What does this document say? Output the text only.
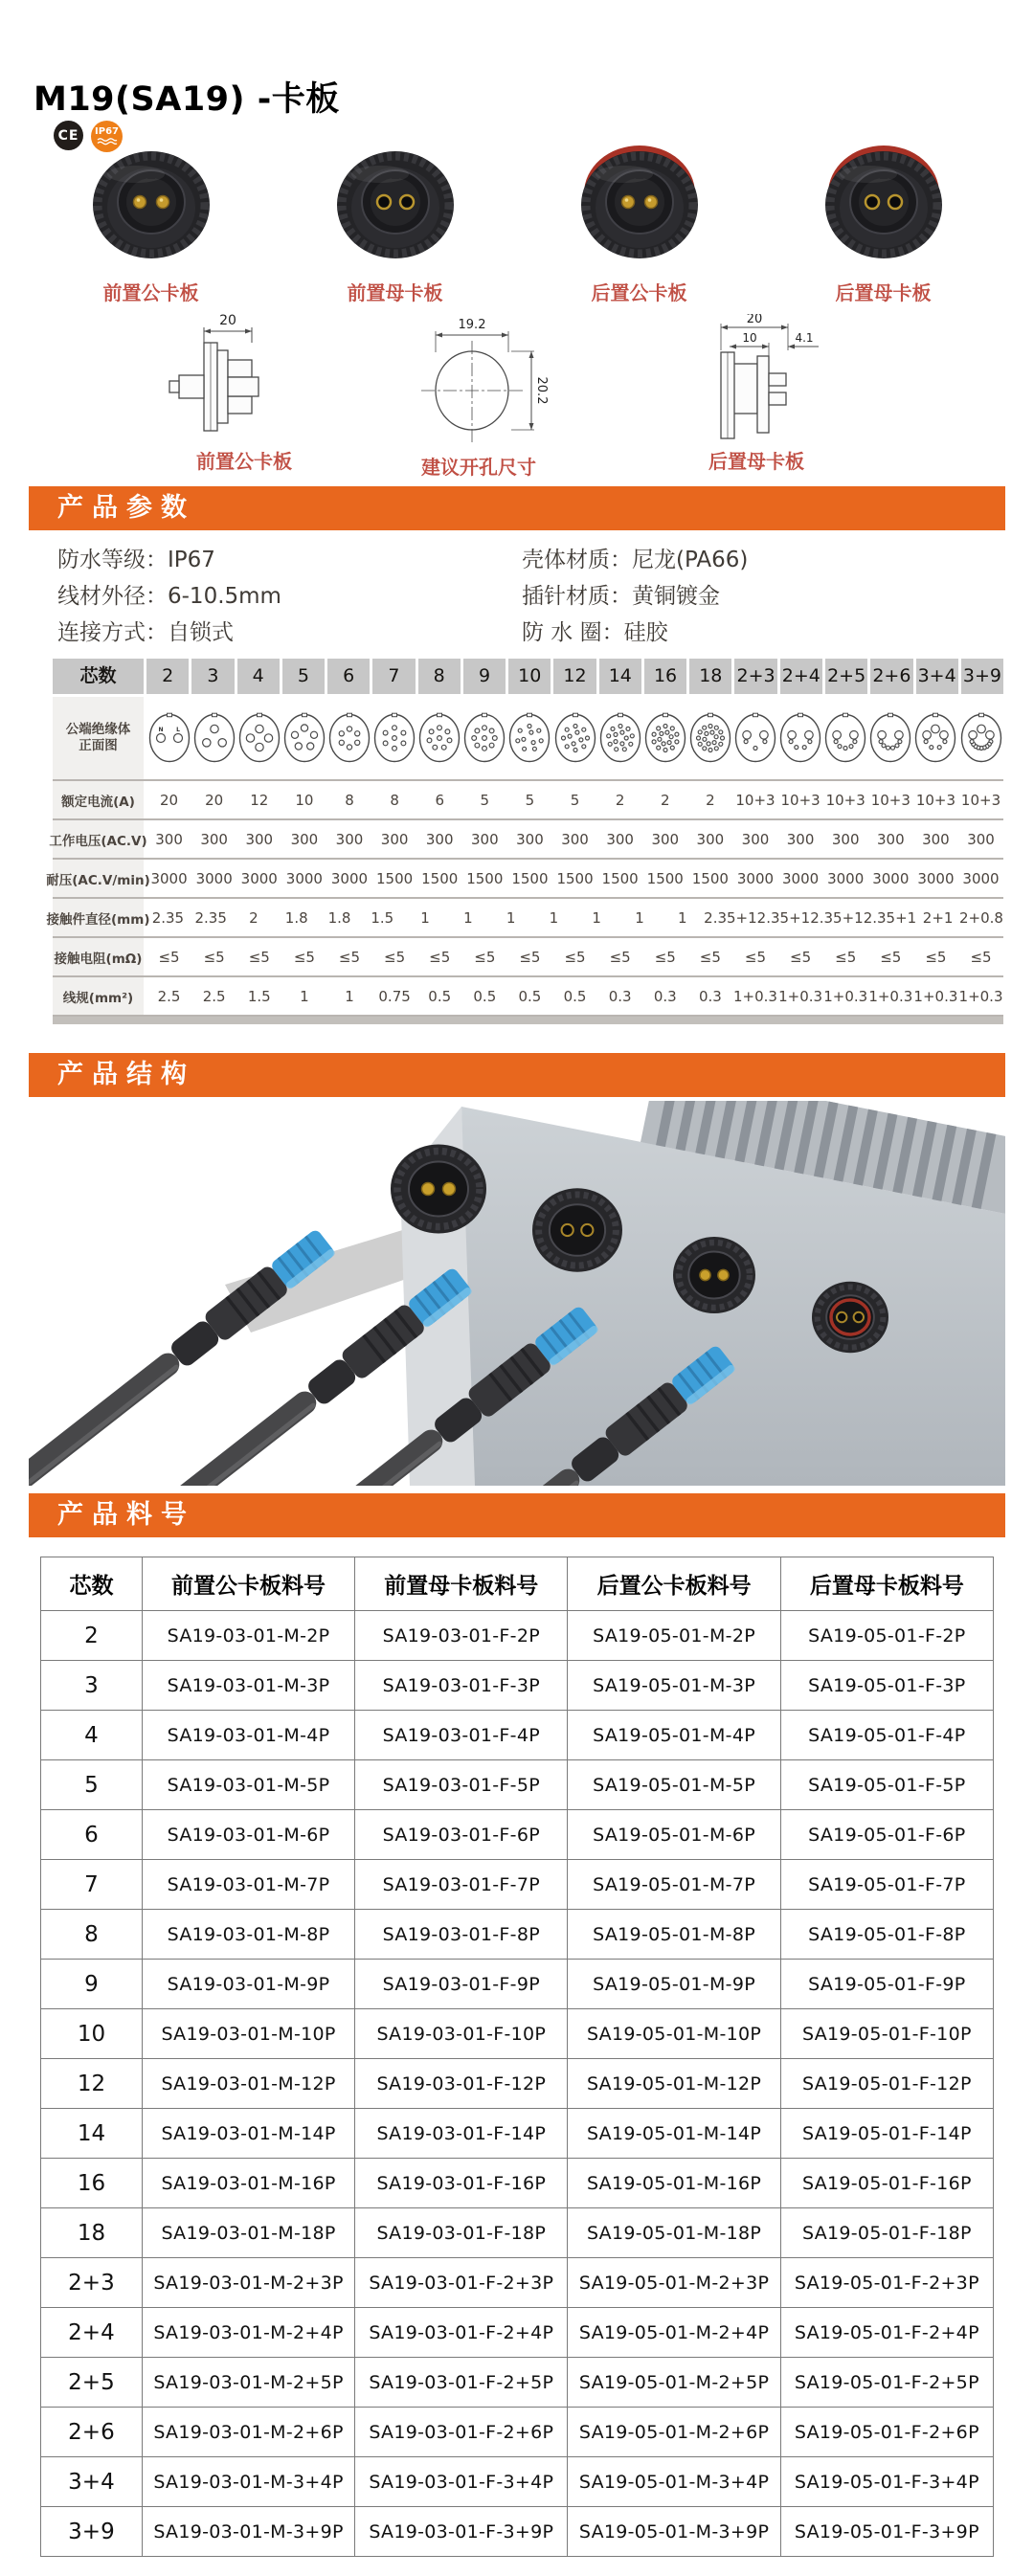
M19(SA19) -卡板
CE	IP67
前置公卡板	前置母卡板	后置公卡板	后置母卡板
20
前置公卡板
19.2
20.2
建议开孔尺寸
20
10	4.1
后置母卡板
产品参数
防水等级：IP67
线材外径：6-10.5mm
连接方式：自锁式
壳体材质：尼龙(PA66)
插针材质：黄铜镀金
防 水 圈：硅胶
芯数	2	3	4	5	6	7	8	9	10	12	14	16	18 2+3 2+4 2+5 2+6 3+4 3+9
公端绝缘体
正面图
N L
额定电流(A)	20	20	12	10	8	8	6	5	5	5	2	2	2	10+3 10+3 10+3 10+3 10+3 10+3
工作电压(AC.V) 300	300	300	300	300	300	300	300	300	300	300	300	300	300	300	300	300	300	300
耐压(AC.V/min) 3000 3000 3000 3000 3000 1500 1500 1500 1500 1500 1500 1500 1500 3000 3000 3000 3000 3000 3000
接触件直径(mm) 2.35 2.35	2	1.8	1.8	1.5	1	1	1	1	1	1	1	2.35+1 2.35+1 2.35+1 2.35+1 2+1 2+0.8
接触电阻(mΩ)	≤5	≤5	≤5	≤5	≤5	≤5	≤5	≤5	≤5	≤5	≤5	≤5	≤5	≤5	≤5	≤5	≤5	≤5	≤5
线规(mm²)	2.5	2.5	1.5	1	1	0.75	0.5	0.5	0.5	0.5	0.3	0.3	0.3 1+0.3 1+0.3 1+0.3 1+0.3 1+0.3 1+0.3
产品结构
产品料号
芯数	前置公卡板料号	前置母卡板料号	后置公卡板料号	后置母卡板料号
2	SA19-03-01-M-2P	SA19-03-01-F-2P	SA19-05-01-M-2P	SA19-05-01-F-2P
3	SA19-03-01-M-3P	SA19-03-01-F-3P	SA19-05-01-M-3P	SA19-05-01-F-3P
4	SA19-03-01-M-4P	SA19-03-01-F-4P	SA19-05-01-M-4P	SA19-05-01-F-4P
5	SA19-03-01-M-5P	SA19-03-01-F-5P	SA19-05-01-M-5P	SA19-05-01-F-5P
6	SA19-03-01-M-6P	SA19-03-01-F-6P	SA19-05-01-M-6P	SA19-05-01-F-6P
7	SA19-03-01-M-7P	SA19-03-01-F-7P	SA19-05-01-M-7P	SA19-05-01-F-7P
8	SA19-03-01-M-8P	SA19-03-01-F-8P	SA19-05-01-M-8P	SA19-05-01-F-8P
9	SA19-03-01-M-9P	SA19-03-01-F-9P	SA19-05-01-M-9P	SA19-05-01-F-9P
10	SA19-03-01-M-10P	SA19-03-01-F-10P	SA19-05-01-M-10P	SA19-05-01-F-10P
12	SA19-03-01-M-12P	SA19-03-01-F-12P	SA19-05-01-M-12P	SA19-05-01-F-12P
14	SA19-03-01-M-14P	SA19-03-01-F-14P	SA19-05-01-M-14P	SA19-05-01-F-14P
16	SA19-03-01-M-16P	SA19-03-01-F-16P	SA19-05-01-M-16P	SA19-05-01-F-16P
18	SA19-03-01-M-18P	SA19-03-01-F-18P	SA19-05-01-M-18P	SA19-05-01-F-18P
2+3	SA19-03-01-M-2+3P	SA19-03-01-F-2+3P	SA19-05-01-M-2+3P	SA19-05-01-F-2+3P
2+4	SA19-03-01-M-2+4P	SA19-03-01-F-2+4P	SA19-05-01-M-2+4P	SA19-05-01-F-2+4P
2+5	SA19-03-01-M-2+5P	SA19-03-01-F-2+5P	SA19-05-01-M-2+5P	SA19-05-01-F-2+5P
2+6	SA19-03-01-M-2+6P	SA19-03-01-F-2+6P	SA19-05-01-M-2+6P	SA19-05-01-F-2+6P
3+4	SA19-03-01-M-3+4P	SA19-03-01-F-3+4P	SA19-05-01-M-3+4P	SA19-05-01-F-3+4P
3+9	SA19-03-01-M-3+9P	SA19-03-01-F-3+9P	SA19-05-01-M-3+9P	SA19-05-01-F-3+9P
